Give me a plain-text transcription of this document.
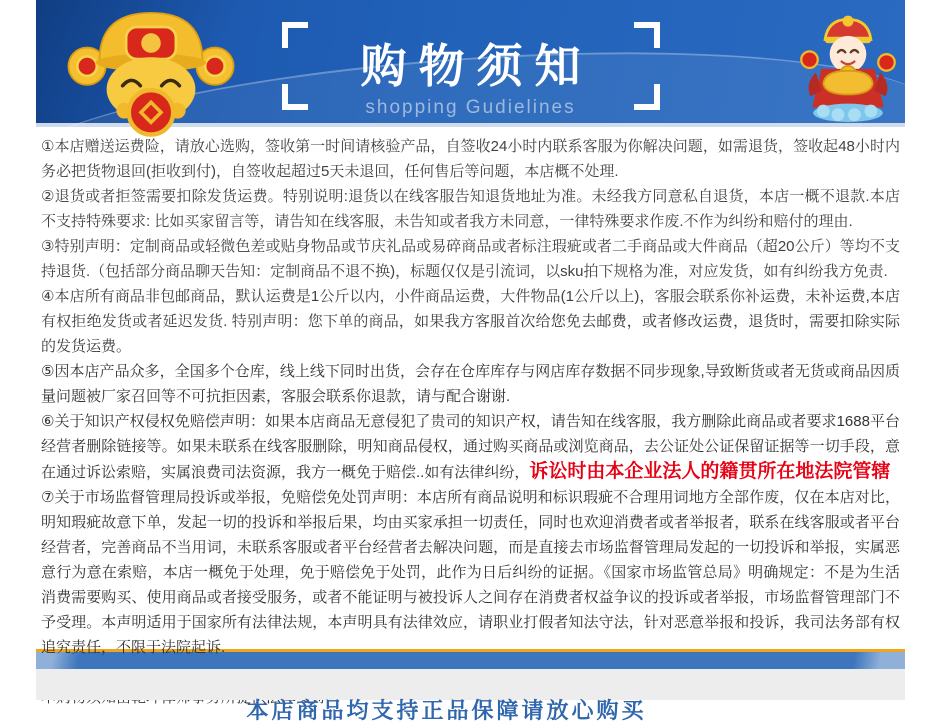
购物须知
shopping Gudielines

①本店赠送运费险，请放心选购，签收第一时间请核验产品，自签收24小时内联系客服为你解决问题，如需退货，签收起48小时内务必把货物退回(拒收到付)，自签收起超过5天未退回，任何售后等问题，本店概不处理.

②退货或者拒签需要扣除发货运费。特别说明:退货以在线客服告知退货地址为准。未经我方同意私自退货，本店一概不退款.本店不支持特殊要求: 比如买家留言等，请告知在线客服，未告知或者我方未同意，一律特殊要求作废.不作为纠纷和赔付的理由.

③特别声明：定制商品或轻微色差或贴身物品或节庆礼品或易碎商品或者标注瑕疵或者二手商品或大件商品（超20公斤）等均不支持退货.（包括部分商品聊天告知：定制商品不退不换)，标题仅仅是引流词，以sku拍下规格为准，对应发货，如有纠纷我方免责.

④本店所有商品非包邮商品，默认运费是1公斤以内，小件商品运费，大件物品(1公斤以上)，客服会联系你补运费，未补运费,本店有权拒绝发货或者延迟发货. 特别声明：您下单的商品，如果我方客服首次给您免去邮费，或者修改运费，退货时，需要扣除实际的发货运费。

⑤因本店产品众多，全国多个仓库，线上线下同时出货，会存在仓库库存与网店库存数据不同步现象,导致断货或者无货或商品因质量问题被厂家召回等不可抗拒因素，客服会联系你退款，请与配合谢谢.

⑥关于知识产权侵权免赔偿声明：如果本店商品无意侵犯了贵司的知识产权，请告知在线客服，我方删除此商品或者要求1688平台经营者删除链接等。如果未联系在线客服删除，明知商品侵权，通过购买商品或浏览商品，去公证处公证保留证据等一切手段，意在通过诉讼索赔，实属浪费司法资源，我方一概免于赔偿..如有法律纠纷，诉讼时由本企业法人的籍贯所在地法院管辖

⑦关于市场监督管理局投诉或举报，免赔偿免处罚声明：本店所有商品说明和标识瑕疵不合理用词地方全部作废，仅在本店对比，明知瑕疵故意下单，发起一切的投诉和举报后果，均由买家承担一切责任，同时也欢迎消费者或者举报者，联系在线客服或者平台经营者，完善商品不当用词，未联系客服或者平台经营者去解决问题，而是直接去市场监督管理局发起的一切投诉和举报，实属恶意行为意在索赔，本店一概免于处理，免于赔偿免于处罚，此作为日后纠纷的证据。《国家市场监管总局》明确规定：不是为生活消费需要购买、使用商品或者接受服务，或者不能证明与被投诉人之间存在消费者权益争议的投诉或者举报，市场监督管理部门不予受理。本声明适用于国家所有法律法规，本声明具有法律效应，请职业打假者知法守法，针对恶意举报和投诉，我司法务部有权追究责任，不限于法院起诉.

本店商品均支持正品保障请放心购买
